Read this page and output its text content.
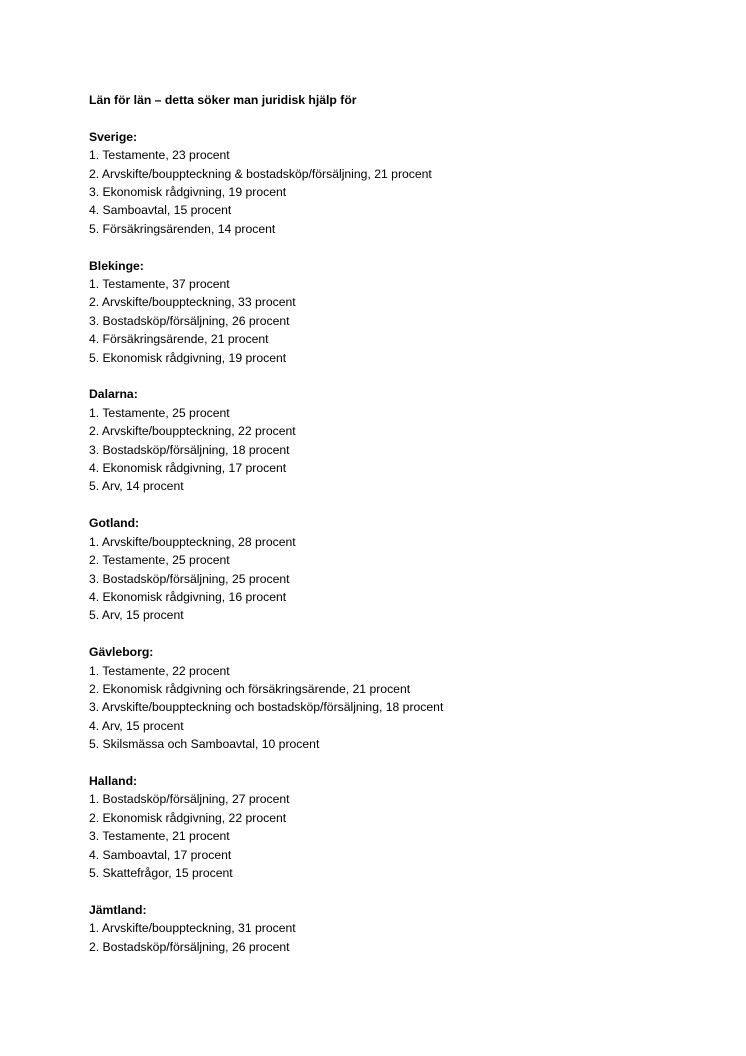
Län för län – detta söker man juridisk hjälp för
Sverige:
1. Testamente, 23 procent
2. Arvskifte/bouppteckning & bostadsköp/försäljning, 21 procent
3. Ekonomisk rådgivning, 19 procent
4. Samboavtal, 15 procent
5. Försäkringsärenden, 14 procent
Blekinge:
1. Testamente, 37 procent
2. Arvskifte/bouppteckning, 33 procent
3. Bostadsköp/försäljning, 26 procent
4. Försäkringsärende, 21 procent
5. Ekonomisk rådgivning, 19 procent
Dalarna:
1. Testamente, 25 procent
2. Arvskifte/bouppteckning, 22 procent
3. Bostadsköp/försäljning, 18 procent
4. Ekonomisk rådgivning, 17 procent
5. Arv, 14 procent
Gotland:
1. Arvskifte/bouppteckning, 28 procent
2. Testamente, 25 procent
3. Bostadsköp/försäljning, 25 procent
4. Ekonomisk rådgivning, 16 procent
5. Arv, 15 procent
Gävleborg:
1. Testamente, 22 procent
2. Ekonomisk rådgivning och försäkringsärende, 21 procent
3. Arvskifte/bouppteckning och bostadsköp/försäljning, 18 procent
4. Arv, 15 procent
5. Skilsmässa och Samboavtal, 10 procent
Halland:
1. Bostadsköp/försäljning, 27 procent
2. Ekonomisk rådgivning, 22 procent
3. Testamente, 21 procent
4. Samboavtal, 17 procent
5. Skattefrågor, 15 procent
Jämtland:
1. Arvskifte/bouppteckning, 31 procent
2. Bostadsköp/försäljning, 26 procent
